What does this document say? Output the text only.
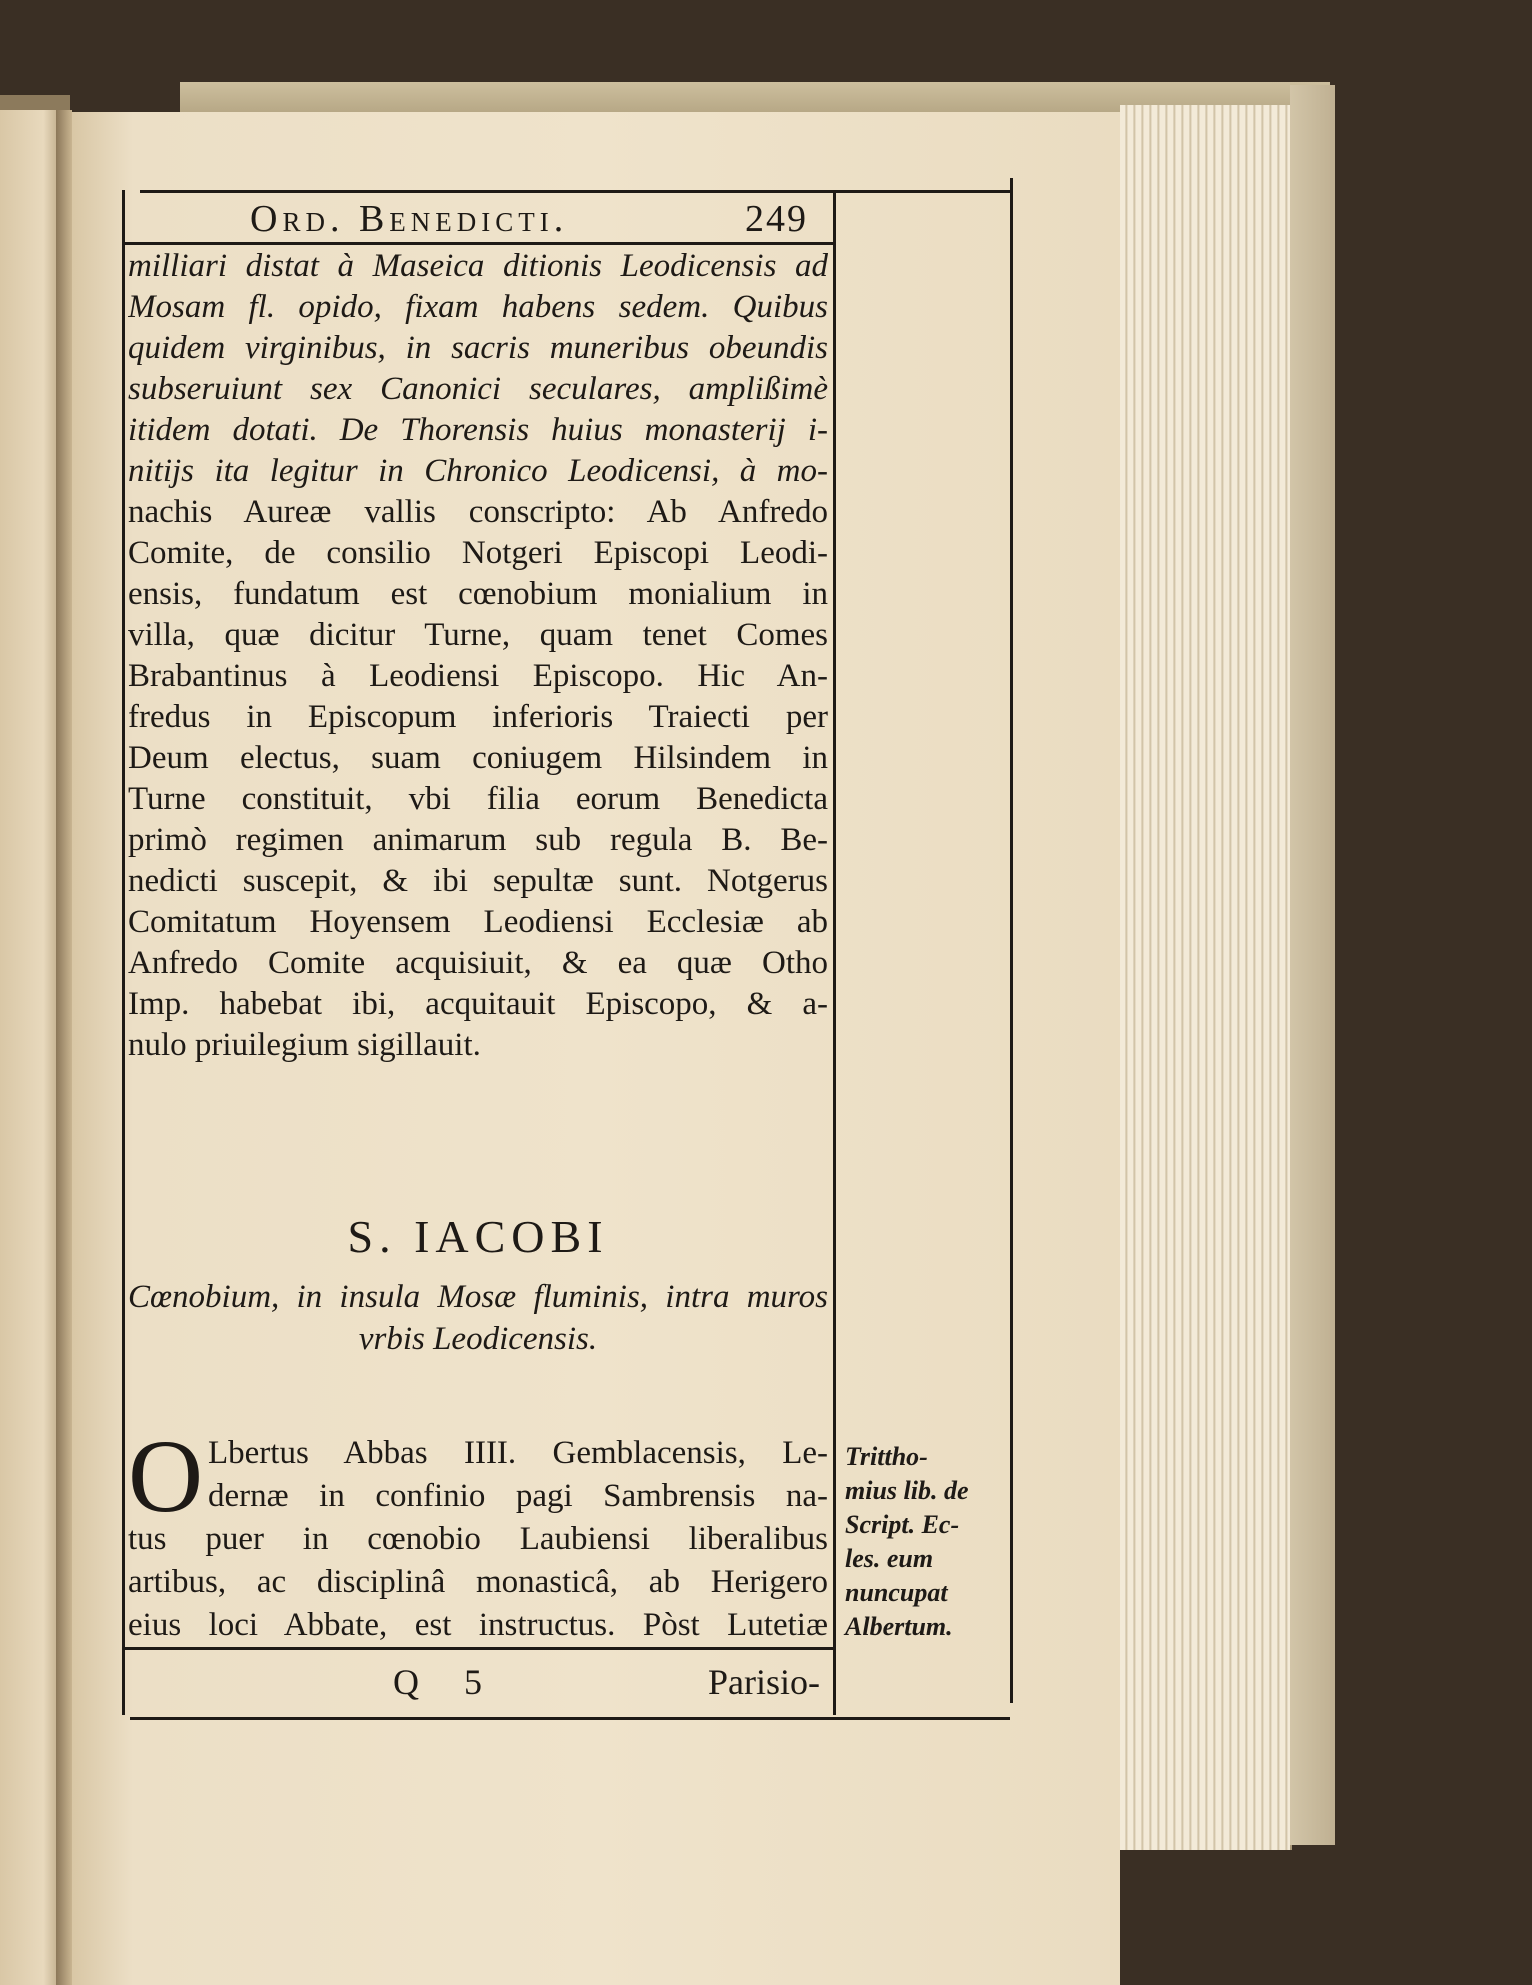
Ord. Benedicti.	249
milliari distat à Maseica ditionis Leodicensis ad
Mosam fl. opido, fixam habens sedem. Quibus
quidem virginibus, in sacris muneribus obeundis
subseruiunt sex Canonici seculares, amplißimè
itidem dotati. De Thorensis huius monasterij i-
nitijs ita legitur in Chronico Leodicensi, à mo-
nachis Aureæ vallis conscripto: Ab Anfredo
Comite, de consilio Notgeri Episcopi Leodi-
ensis, fundatum est cœnobium monialium in
villa, quæ dicitur Turne, quam tenet Comes
Brabantinus à Leodiensi Episcopo. Hic An-
fredus in Episcopum inferioris Traiecti per
Deum electus, suam coniugem Hilsindem in
Turne constituit, vbi filia eorum Benedicta
primò regimen animarum sub regula B. Be-
nedicti suscepit, & ibi sepultæ sunt. Notgerus
Comitatum Hoyensem Leodiensi Ecclesiæ ab
Anfredo Comite acquisiuit, & ea quæ Otho
Imp. habebat ibi, acquitauit Episcopo, & a-
nulo priuilegium sigillauit.
S. IACOBI
Cœnobium, in insula Mosæ fluminis, intra muros
vrbis Leodicensis.
O Lbertus Abbas IIII. Gemblacensis, Le-
dernæ in confinio pagi Sambrensis na-
tus puer in cœnobio Laubiensi liberalibus
artibus, ac disciplinâ monasticâ, ab Herigero
eius loci Abbate, est instructus. Pòst Lutetiæ
Trittho-
mius lib. de
Script. Ec-
les. eum
nuncupat
Albertum.
Q 5	Parisio-
